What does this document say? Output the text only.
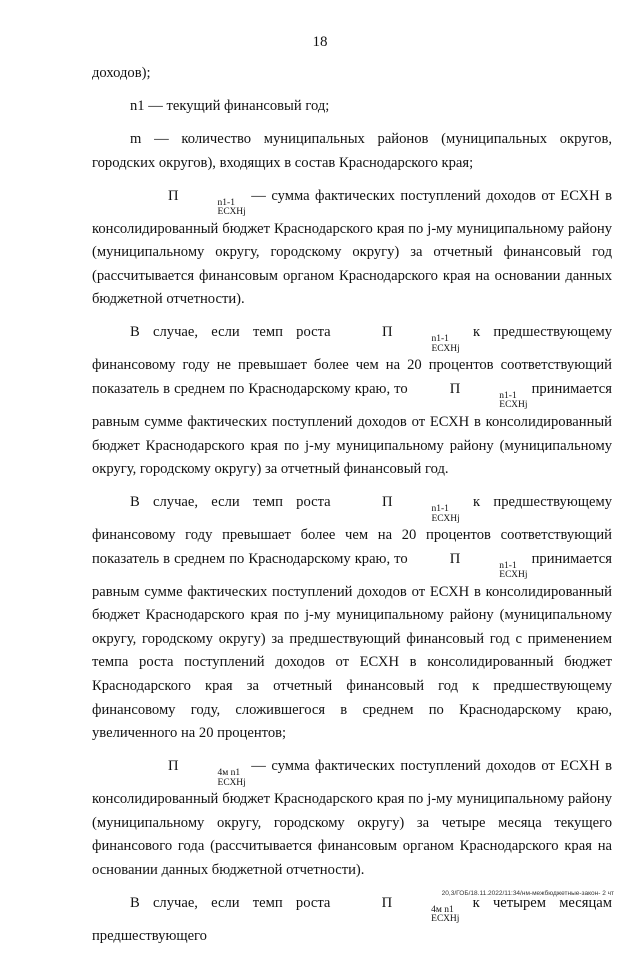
18

доходов);

n1 — текущий финансовый год;

m — количество муниципальных районов (муниципальных округов, городских округов), входящих в состав Краснодарского края;

П	n1-1
ЕСХНj
— сумма фактических поступлений доходов от ЕСХН в консолидированный бюджет Краснодарского края по j-му муниципальному району (муниципальному округу, городскому округу) за отчетный финансовый год (рассчитывается финансовым органом Краснодарского края на основании данных бюджетной отчетности).

В случае, если темп роста	П	n1-1
ЕСХНj
к предшествующему финансовому году не превышает более чем на 20 процентов соответствующий показатель в среднем по Краснодарскому краю, то	П	n1-1
ЕСХНj
принимается равным сумме фактических поступлений доходов от ЕСХН в консолидированный бюджет Краснодарского края по j-му муниципальному району (муниципальному округу, городскому округу) за отчетный финансовый год.

В случае, если темп роста	П	n1-1
ЕСХНj
к предшествующему финансовому году превышает более чем на 20 процентов соответствующий показатель в среднем по Краснодарскому краю, то	П	n1-1
ЕСХНj
принимается равным сумме фактических поступлений доходов от ЕСХН в консолидированный бюджет Краснодарского края по j-му муниципальному району (муниципальному округу, городскому округу) за предшествующий финансовый год с применением темпа роста поступлений доходов от ЕСХН в консолидированный бюджет Краснодарского края за отчетный финансовый год к предшествующему финансовому году, сложившегося в среднем по Краснодарскому краю, увеличенного на 20 процентов;

П	4м n1
ЕСХНj
— сумма фактических поступлений доходов от ЕСХН в консолидированный бюджет Краснодарского края по j-му муниципальному району (муниципальному округу, городскому округу) за четыре месяца текущего финансового года (рассчитывается финансовым органом Краснодарского края на основании данных бюджетной отчетности).

В случае, если темп роста	П	4м n1
ЕСХНj
к четырем месяцам предшествующего

20,3/ГОБ/18.11.2022/11:34/нм-межбюджетные-закон- 2 чт
